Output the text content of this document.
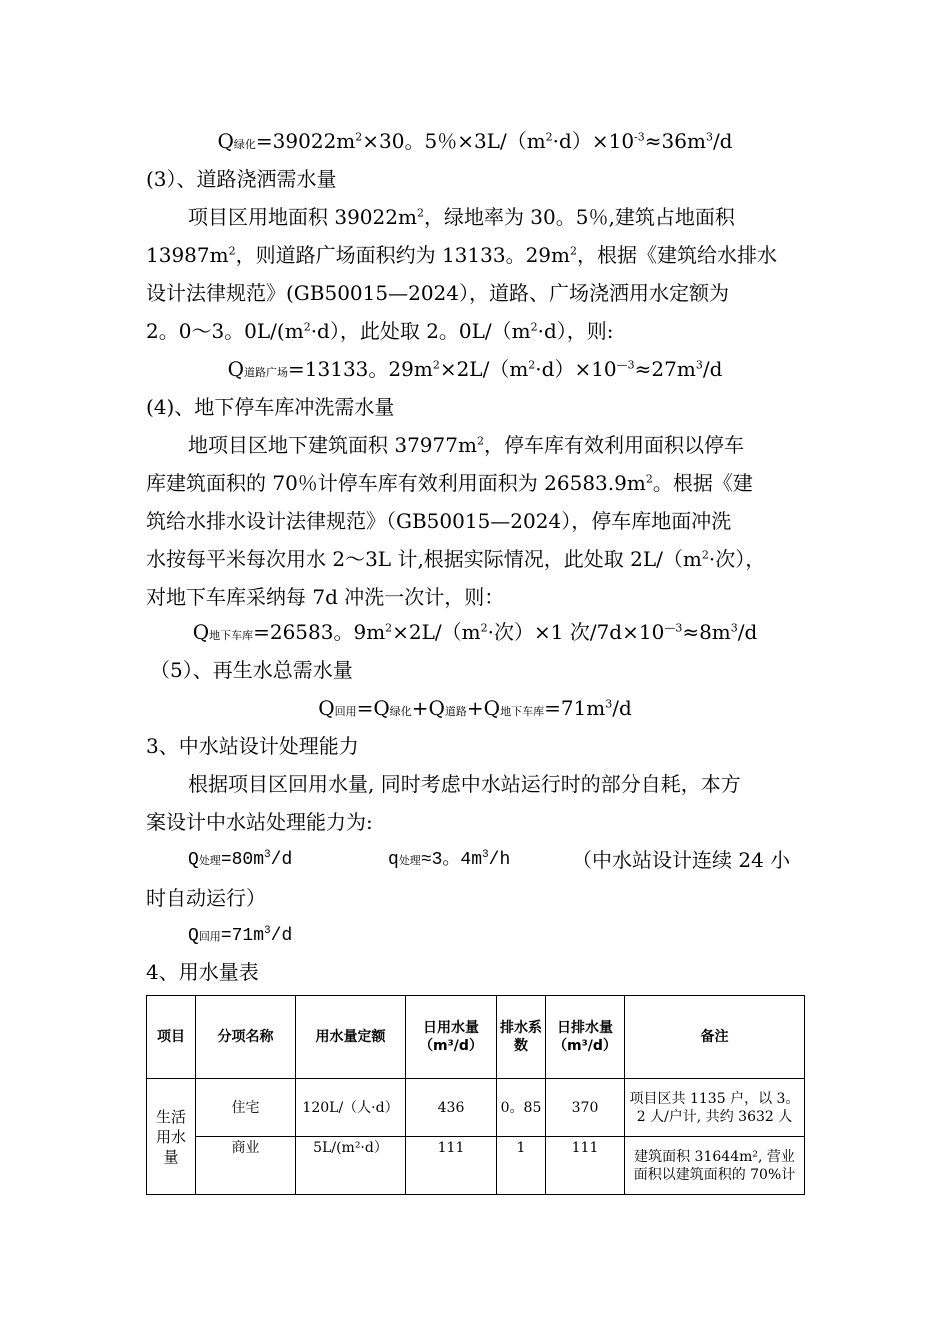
Q绿化$=39022m^2\times 30$。5％$\times 3L/(m^2\cdot d)\times 10^{-3}\approx 36m^3/d$
(3）、道路浇洒需水量
项目区用地面积 $39022m^2$，绿地率为 30。5％,建筑占地面积
$13987m^2$，则道路广场面积约为 13133。$29m^2$，根据《建筑给水排水
设计法律规范》(GB50015—2024），道路、广场浇洒用水定额为
2。0～3。$0L/(m^2\cdot d)$，此处取 2。$0L/(m^2\cdot d)$，则:
Q道路广场=13133。$29m^2\times 2L/(m^2\cdot d)\times 10^{—3}\approx 27m^3/d$
(4)、地下停车库冲洗需水量
地项目区地下建筑面积 $37977m^2$，停车库有效利用面积以停车
库建筑面积的 70％计停车库有效利用面积为 $26583.9m^2$。根据《建
筑给水排水设计法律规范》（GB50015—2024），停车库地面冲洗
水按每平米每次用水 2～3L 计,根据实际情况，此处取 $2L/(m^2\cdot$次），
对地下车库采纳每 7d 冲洗一次计，则：
Q地下车库=26583。$9m^2\times 2L/(m^2\cdot$次）×1 次$/7d\times 10^{—3}\approx 8m^3/d$
（5）、再生水总需水量
Q回用=Q绿化+Q道路+Q地下车库$=71m^3/d$
3、中水站设计处理能力
根据项目区回用水量, 同时考虑中水站运行时的部分自耗，本方
案设计中水站处理能力为:
Q处理$=80m^3/d$	q处理≈3。$4m^3/h$	（中水站设计连续 24 小
时自动运行）
Q回用$=71m^3/d$
4、用水量表
项目	分项名称	用水量定额	日用水量（m³/d）	排水系数	日排水量（m³/d）	备注
生活用水量	住宅	120L/（人·d）	436	0。85	370	项目区共 1135 户，以 3。2 人/户计, 共约 3632 人
	商业	5L/(m²·d）	111	1	111	建筑面积 31644m², 营业面积以建筑面积的 70%计
